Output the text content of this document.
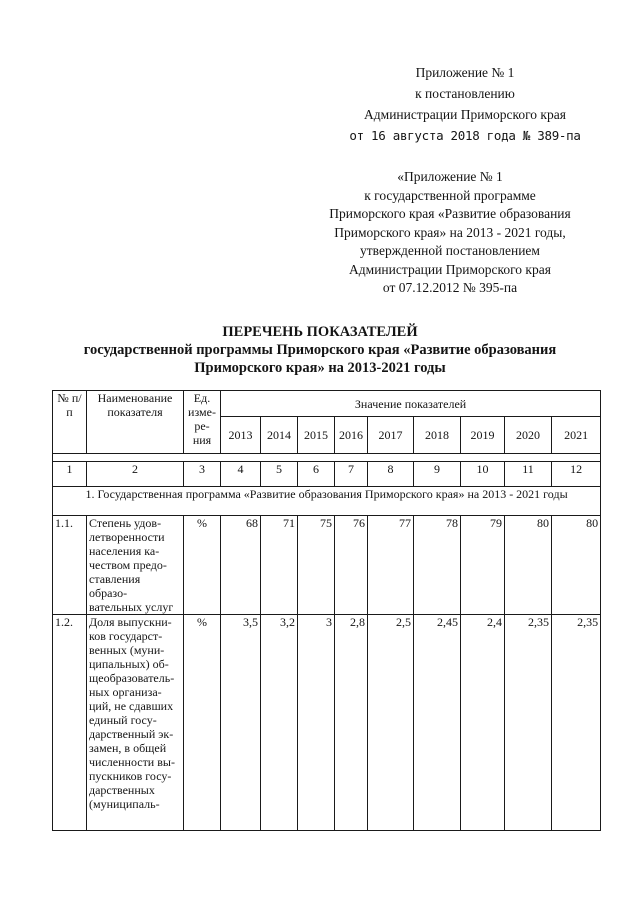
Приложение № 1
к постановлению
Администрации Приморского края
от 16 августа 2018 года № 389-па
«Приложение № 1
к государственной программе
Приморского края «Развитие образования
Приморского края» на 2013 - 2021 годы,
утвержденной постановлением
Администрации Приморского края
от 07.12.2012 № 395-па
ПЕРЕЧЕНЬ ПОКАЗАТЕЛЕЙ
государственной программы Приморского края «Развитие образования
Приморского края» на 2013-2021 годы
№ п/п	Наименование показателя	Ед. изме- ре- ния	Значение показателей								
			2013	2014	2015	2016	2017	2018	2019	2020	2021

1	2	3	4	5	6	7	8	9	10	11	12
1. Государственная программа «Развитие образования Приморского края» на 2013 - 2021 годы											
1.1.	Степень удов- летворенности населения ка- чеством предо- ставления образо- вательных услуг	%	68	71	75	76	77	78	79	80	80
1.2.	Доля выпускни- ков государст- венных (муни- ципальных) об- щеобразователь- ных организа- ций, не сдавших единый госу- дарственный эк- замен, в общей численности вы- пускников госу- дарственных (муниципаль-	%	3,5	3,2	3	2,8	2,5	2,45	2,4	2,35	2,35
